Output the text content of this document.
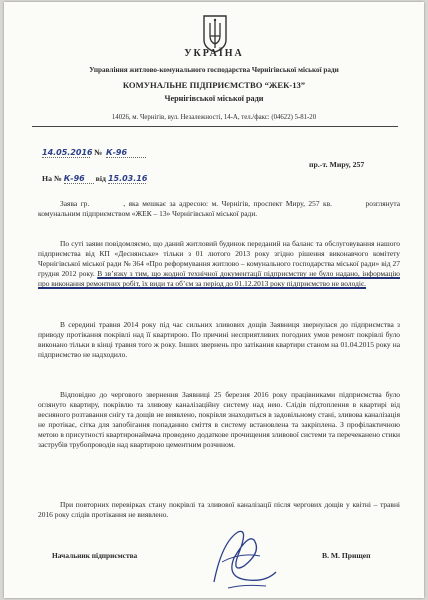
УКРАЇНА
Управління житлово-комунального господарства Чернігівської міської ради
КОМУНАЛЬНЕ ПІДПРИЄМСТВО “ЖЕК-13”
Чернігівської міської ради
14026, м. Чернігів, вул. Незалежності, 14-А, тел./факс: (04622) 5-81-20
14.05.2016 № К-96
пр.-т. Миру, 257
На № К-96 від 15.03.16
Заява гр.	, яка мешкає за адресою: м. Чернігів, проспект Миру, 257 кв.	розглянута комунальним підприємством «ЖЕК – 13» Чернігівської міської ради.
По суті заяви повідомляємо, що даний житловий будинок переданий на баланс та обслуговування нашого підприємства від КП «Деснянське» тільки з 01 лютого 2013 року згідно рішення виконавчого комітету Чернігівської міської ради № 364 «Про реформування житлово – комунального господарства міської ради» від 27 грудня 2012 року. В зв’язку з тим, що жодної технічної документації підприємству не було надано, інформацію про виконання ремонтних робіт, їх види та об’єм за період до 01.12.2013 року підприємство не володіє.
В середині травня 2014 року під час сильних зливових дощів Заявниця звернулася до підприємства з приводу протікання покрівлі над її квартирою. По причині несприятливих погодних умов ремонт покрівлі було виконано тільки в кінці травня того ж року. Інших звернень про затікання квартири станом на 01.04.2015 року на підприємство не надходило.
Відповідно до чергового звернення Заявниці 25 березня 2016 року працівниками підприємства було оглянуто квартиру, покрівлю та зливову каналізаційну систему над нею. Слідів підтоплення в квартирі від весняного розтавання снігу та дощів не виявлено, покрівля знаходиться в задовільному стані, зливова каналізація не протікає, сітка для запобігання попаданню сміття в систему встановлена та закріплена. З профілактичною метою в присутності квартиронаймача проведено додаткове прочищення зливової системи та перечеканено стики заструбів трубопроводів над квартирою цементним розчином.
При повторних перевірках стану покрівлі та зливової каналізації після чергових дощів у квітні – травні 2016 року слідів протікання не виявлено.
Начальник підприємства	В. М. Прищеп
